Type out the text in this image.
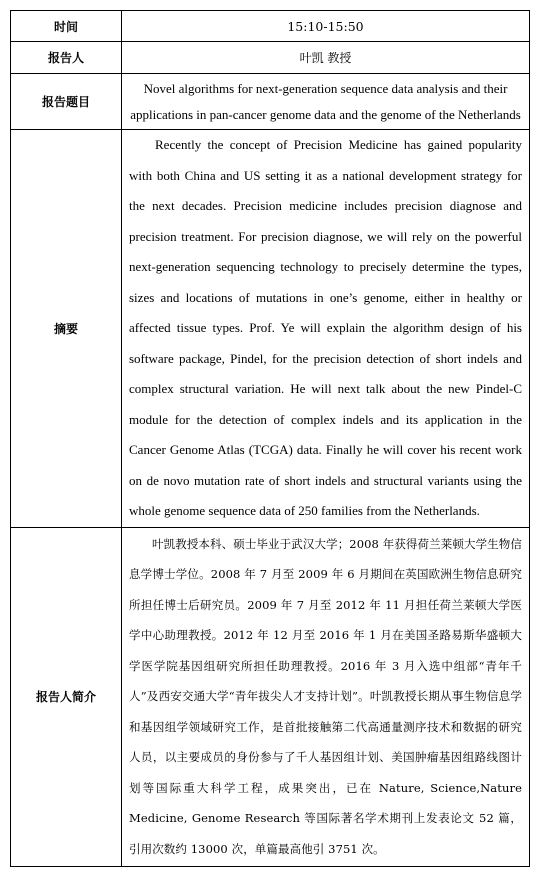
时间	15:10-15:50
报告人	叶凯 教授
报告题目	Novel algorithms for next-generation sequence data analysis and their applications in pan-cancer genome data and the genome of the Netherlands

摘要	Recently the concept of Precision Medicine has gained popularity with both China and US setting it as a national development strategy for the next decades. Precision medicine includes precision diagnose and precision treatment. For precision diagnose, we will rely on the powerful next-generation sequencing technology to precisely determine the types, sizes and locations of mutations in one’s genome, either in healthy or affected tissue types. Prof. Ye will explain the algorithm design of his software package, Pindel, for the precision detection of short indels and complex structural variation. He will next talk about the new Pindel-C module for the detection of complex indels and its application in the Cancer Genome Atlas (TCGA) data. Finally he will cover his recent work on de novo mutation rate of short indels and structural variants using the whole genome sequence data of 250 families from the Netherlands.

报告人简介	叶凯教授本科、硕士毕业于武汉大学；2008 年获得荷兰莱顿大学生物信息学博士学位。2008 年 7 月至 2009 年 6 月期间在英国欧洲生物信息研究所担任博士后研究员。2009 年 7 月至 2012 年 11 月担任荷兰莱顿大学医学中心助理教授。2012 年 12 月至 2016 年 1 月在美国圣路易斯华盛顿大学医学院基因组研究所担任助理教授。2016 年 3 月入选中组部“青年千人”及西安交通大学“青年拔尖人才支持计划”。叶凯教授长期从事生物信息学和基因组学领域研究工作，是首批接触第二代高通量测序技术和数据的研究人员，以主要成员的身份参与了千人基因组计划、美国肿瘤基因组路线图计划等国际重大科学工程，成果突出，已在 Nature, Science,Nature Medicine, Genome Research 等国际著名学术期刊上发表论文 52 篇，引用次数约 13000 次，单篇最高他引 3751 次。
